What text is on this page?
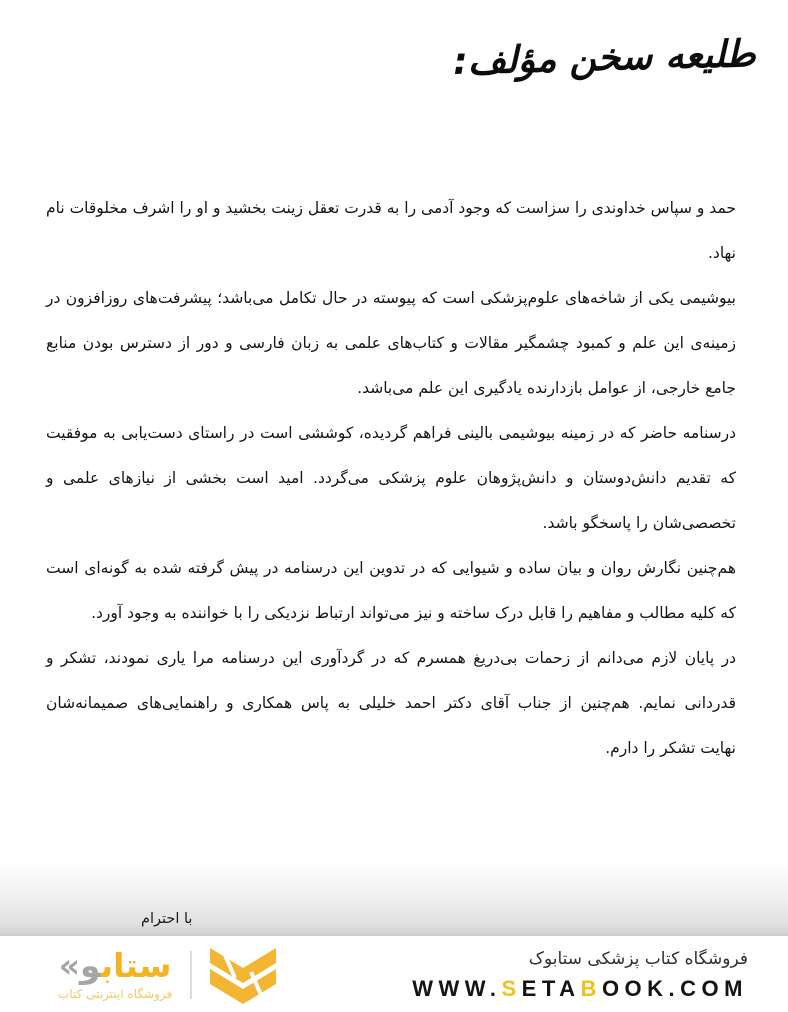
طلیعه سخن مؤلف:
حمد و سپاس خداوندی را سزاست که وجود آدمی را به قدرت تعقل زینت بخشید و او را اشرف مخلوقات نام
نهاد.
بیوشیمی یکی از شاخه‌های علوم‌پزشکی است که پیوسته در حال تکامل می‌باشد؛ پیشرفت‌های روزافزون در
زمینه‌ی این علم و کمبود چشمگیر مقالات و کتاب‌های علمی به زبان فارسی و دور از دسترس بودن منابع
جامع خارجی، از عوامل بازدارنده یادگیری این علم می‌باشد.
درسنامه حاضر که در زمینه بیوشیمی بالینی فراهم گردیده، کوششی است در راستای دست‌یابی به موفقیت
که تقدیم دانش‌دوستان و دانش‌پژوهان علوم پزشکی می‌گردد. امید است بخشی از نیازهای علمی و
تخصصی‌شان را پاسخگو باشد.
هم‌چنین نگارش روان و بیان ساده و شیوایی که در تدوین این درسنامه در پیش گرفته شده به گونه‌ای است
که کلیه مطالب و مفاهیم را قابل درک ساخته و نیز می‌تواند ارتباط نزدیکی را با خواننده به وجود آورد.
در پایان لازم می‌دانم از زحمات بی‌دریغ همسرم که در گردآوری این درسنامه مرا یاری نمودند، تشکر و
قدردانی نمایم. هم‌چنین از جناب آقای دکتر احمد خلیلی به پاس همکاری و راهنمایی‌های صمیمانه‌شان
نهایت تشکر را دارم.
با احترام
ستابو«
فروشگاه اینترنتی کتاب
فروشگاه کتاب پزشکی ستابوک
WWW.SETABOOK.COM
